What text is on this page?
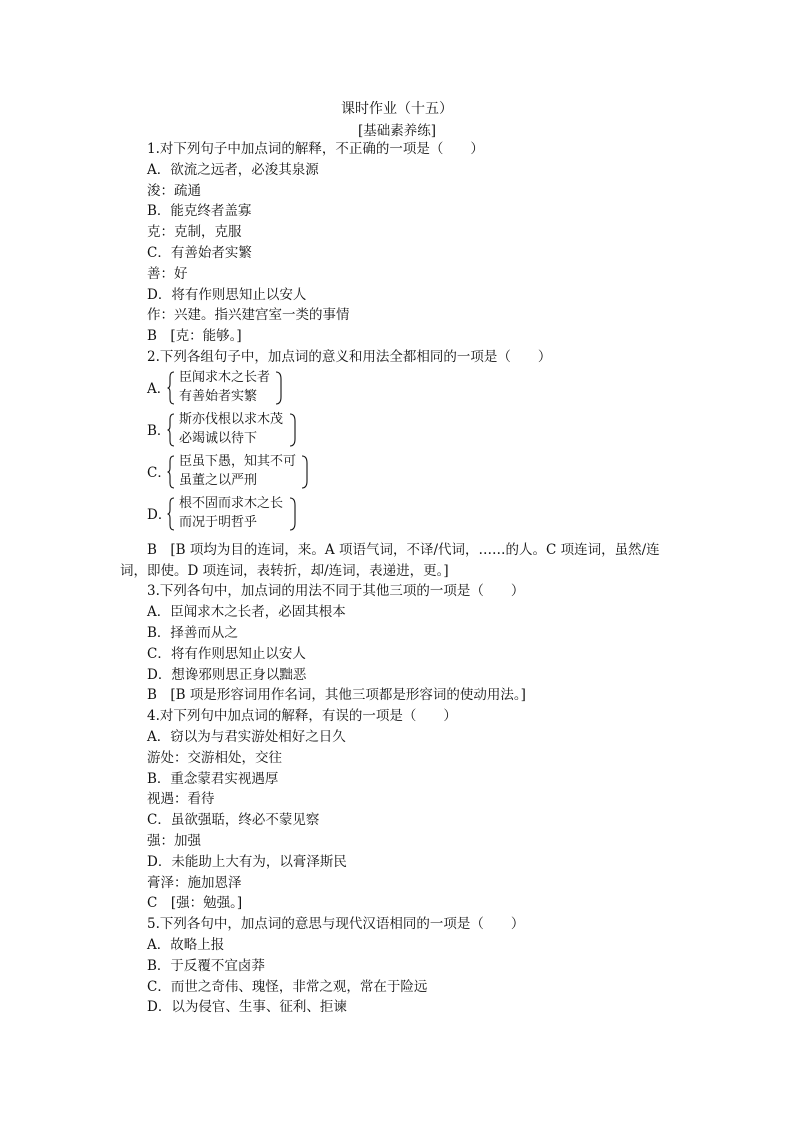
课时作业（十五）
[基础素养练]
1.对下列句子中加点词的解释，不正确的一项是（　　）
A．欲流之远者，必浚其泉源
浚：疏通
B．能克终者盖寡
克：克制，克服
C．有善始者实繁
善：好
D．将有作则思知止以安人
作：兴建。指兴建宫室一类的事情
B　[克：能够。]
2.下列各组句子中，加点词的意义和用法全都相同的一项是（　　）
A．
臣闻求木之长者
有善始者实繁
B．
斯亦伐根以求木茂
必竭诚以待下
C．
臣虽下愚，知其不可
虽董之以严刑
D．
根不固而求木之长
而况于明哲乎
B　[B 项均为目的连词，来。A 项语气词，不译/代词，……的人。C 项连词，虽然/连
词，即使。D 项连词，表转折，却/连词，表递进，更。]
3.下列各句中，加点词的用法不同于其他三项的一项是（　　）
A．臣闻求木之长者，必固其根本
B．择善而从之
C．将有作则思知止以安人
D．想谗邪则思正身以黜恶
B　[B 项是形容词用作名词，其他三项都是形容词的使动用法。]
4.对下列句中加点词的解释，有误的一项是（　　）
A．窃以为与君实游处相好之日久
游处：交游相处，交往
B．重念蒙君实视遇厚
视遇：看待
C．虽欲强聒，终必不蒙见察
强：加强
D．未能助上大有为，以膏泽斯民
膏泽：施加恩泽
C　[强：勉强。]
5.下列各句中，加点词的意思与现代汉语相同的一项是（　　）
A．故略上报
B．于反覆不宜卤莽
C．而世之奇伟、瑰怪，非常之观，常在于险远
D．以为侵官、生事、征利、拒谏
